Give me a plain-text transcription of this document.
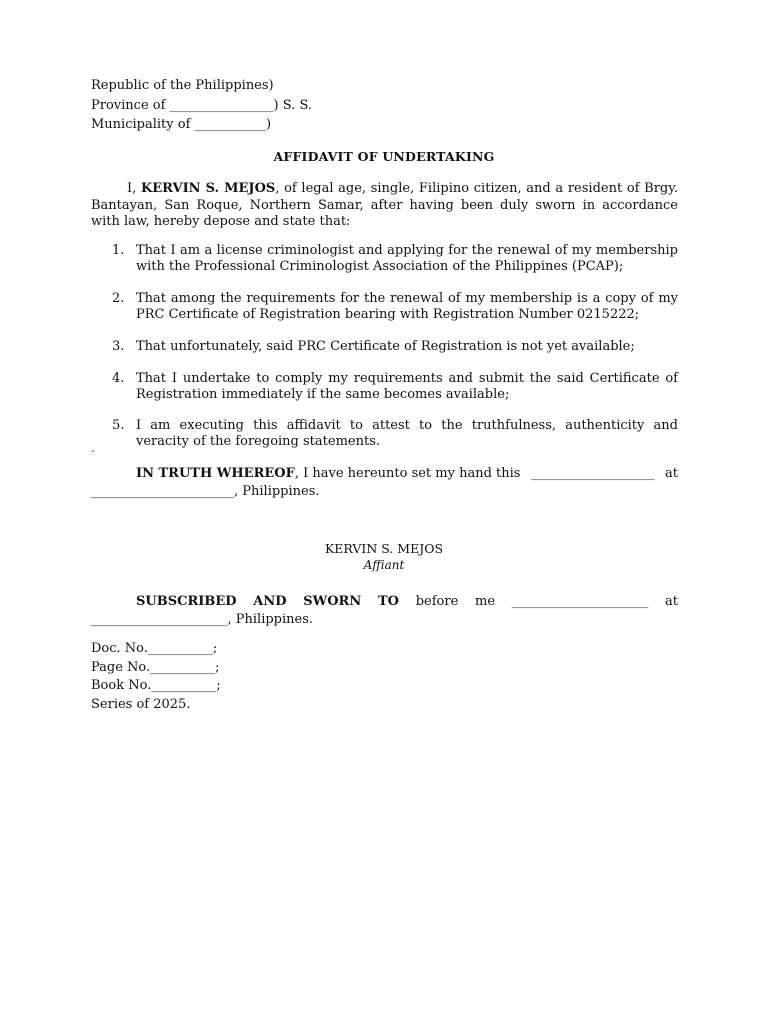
Republic of the Philippines)
Province of ________________) S. S.
Municipality of ___________)
AFFIDAVIT OF UNDERTAKING
I, KERVIN S. MEJOS, of legal age, single, Filipino citizen, and a resident of Brgy. Bantayan, San Roque, Northern Samar, after having been duly sworn in accordance with law, hereby depose and state that:
1. That I am a license criminologist and applying for the renewal of my membership with the Professional Criminologist Association of the Philippines (PCAP);
2. That among the requirements for the renewal of my membership is a copy of my PRC Certificate of Registration bearing with Registration Number 0215222;
3. That unfortunately, said PRC Certificate of Registration is not yet available;
4. That I undertake to comply my requirements and submit the said Certificate of Registration immediately if the same becomes available;
5. I am executing this affidavit to attest to the truthfulness, authenticity and veracity of the foregoing statements.
`
IN TRUTH WHEREOF, I have hereunto set my hand this ___________________ at
______________________, Philippines.
KERVIN S. MEJOS
Affiant
SUBSCRIBED AND SWORN TO before me _____________________ at
_____________________, Philippines.
Doc. No.__________;
Page No.__________;
Book No.__________;
Series of 2025.
